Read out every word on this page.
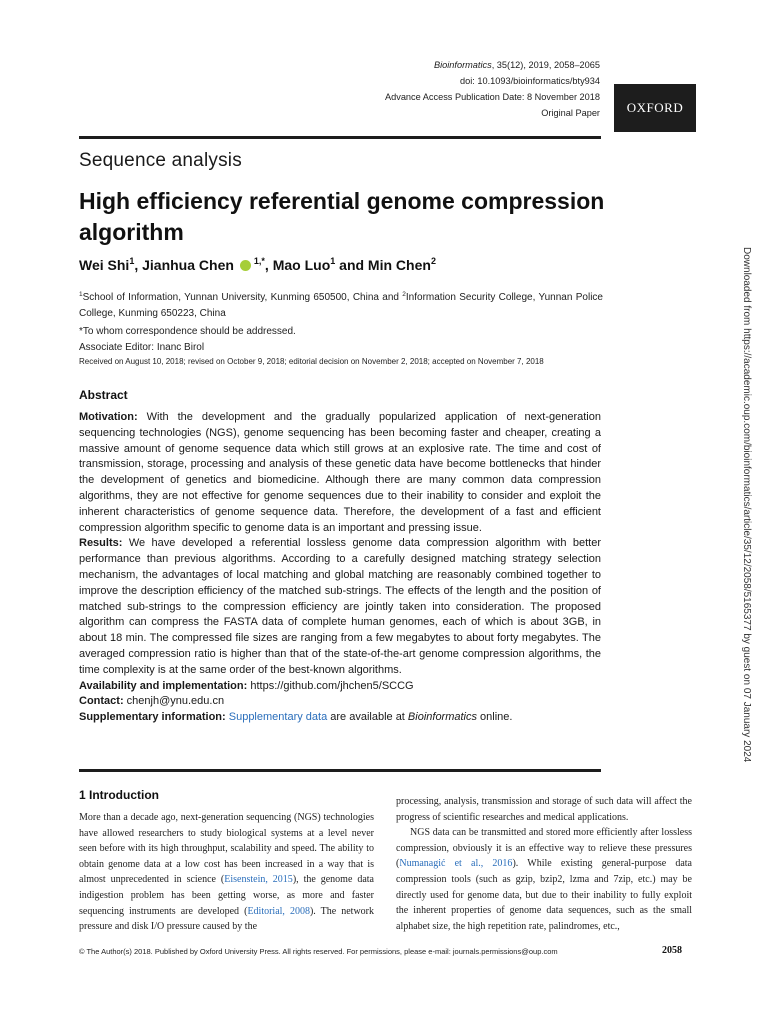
Bioinformatics, 35(12), 2019, 2058–2065
doi: 10.1093/bioinformatics/bty934
Advance Access Publication Date: 8 November 2018
Original Paper	OXFORD
Sequence analysis
High efficiency referential genome compression algorithm
Wei Shi$^1$, Jianhua Chen $^{1,*}$, Mao Luo$^1$ and Min Chen$^2$
$^1$School of Information, Yunnan University, Kunming 650500, China and $^2$Information Security College, Yunnan Police College, Kunming 650223, China
*To whom correspondence should be addressed.
Associate Editor: Inanc Birol
Received on August 10, 2018; revised on October 9, 2018; editorial decision on November 2, 2018; accepted on November 7, 2018
Abstract

Motivation: With the development and the gradually popularized application of next-generation sequencing technologies (NGS), genome sequencing has been becoming faster and cheaper, creating a massive amount of genome sequence data which still grows at an explosive rate. The time and cost of transmission, storage, processing and analysis of these genetic data have become bottlenecks that hinder the development of genetics and biomedicine. Although there are many common data compression algorithms, they are not effective for genome sequences due to their inability to consider and exploit the inherent characteristics of genome sequence data. Therefore, the development of a fast and efficient compression algorithm specific to genome data is an important and pressing issue.

Results: We have developed a referential lossless genome data compression algorithm with better performance than previous algorithms. According to a carefully designed matching strategy selection mechanism, the advantages of local matching and global matching are reasonably combined together to improve the description efficiency of the matched sub-strings. The effects of the length and the position of matched sub-strings to the compression efficiency are jointly taken into consideration. The proposed algorithm can compress the FASTA data of complete human genomes, each of which is about 3GB, in about 18 min. The compressed file sizes are ranging from a few megabytes to about forty megabytes. The averaged compression ratio is higher than that of the state-of-the-art genome compression algorithms, the time complexity is at the same order of the best-known algorithms.

Availability and implementation: https://github.com/jhchen5/SCCG

Contact: chenjh@ynu.edu.cn

Supplementary information: Supplementary data are available at Bioinformatics online.

1 Introduction

More than a decade ago, next-generation sequencing (NGS) technologies have allowed researchers to study biological systems at a level never seen before with its high throughput, scalability and speed. The ability to obtain genome data at a low cost has been increased in a way that is almost unprecedented in science (Eisenstein, 2015), the genome data indigestion problem has been getting worse, as more and faster sequencing instruments are developed (Editorial, 2008). The network pressure and disk I/O pressure caused by the

processing, analysis, transmission and storage of such data will affect the progress of scientific researches and medical applications.

NGS data can be transmitted and stored more efficiently after lossless compression, obviously it is an effective way to relieve these pressures (Numanagić et al., 2016). While existing general-purpose data compression tools (such as gzip, bzip2, lzma and 7zip, etc.) may be directly used for genome data, but due to their inability to fully exploit the inherent properties of genome data sequences, such as the small alphabet size, the high repetition rate, palindromes, etc.,

© The Author(s) 2018. Published by Oxford University Press. All rights reserved. For permissions, please e-mail: journals.permissions@oup.com	2058
Downloaded from https://academic.oup.com/bioinformatics/article/35/12/2058/5165377 by guest on 07 January 2024
